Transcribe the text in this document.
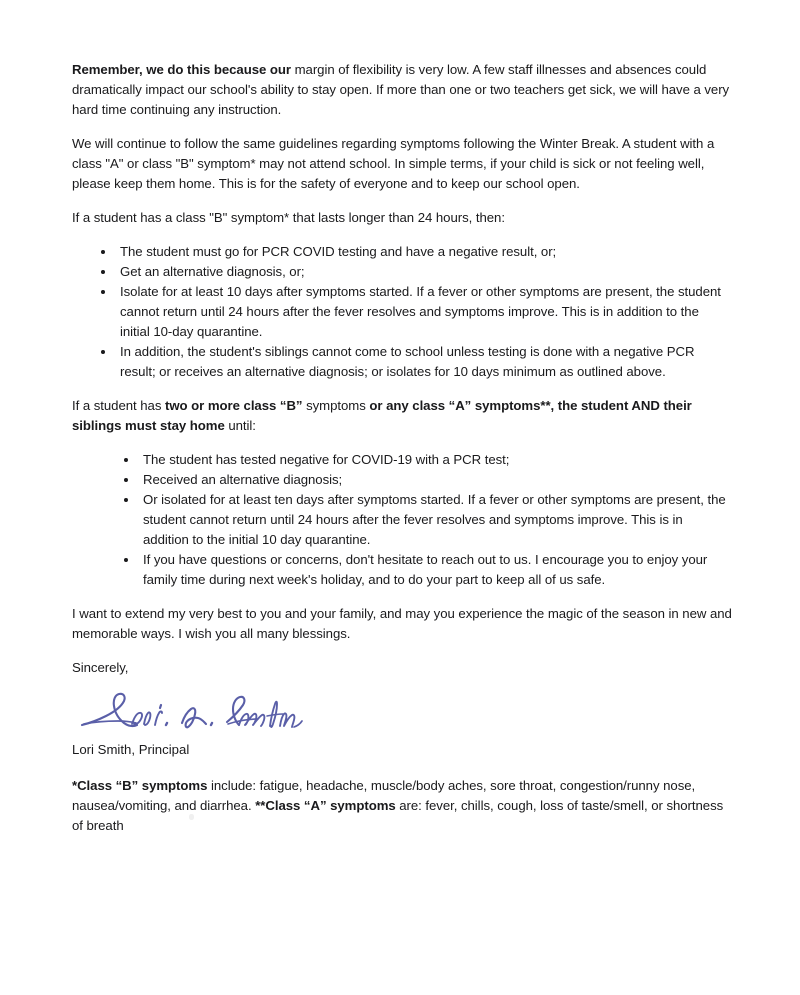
Remember, we do this because our margin of flexibility is very low. A few staff illnesses and absences could dramatically impact our school's ability to stay open. If more than one or two teachers get sick, we will have a very hard time continuing any instruction.

We will continue to follow the same guidelines regarding symptoms following the Winter Break. A student with a class "A" or class "B" symptom* may not attend school. In simple terms, if your child is sick or not feeling well, please keep them home. This is for the safety of everyone and to keep our school open.

If a student has a class "B" symptom* that lasts longer than 24 hours, then:

The student must go for PCR COVID testing and have a negative result, or;
Get an alternative diagnosis, or;
Isolate for at least 10 days after symptoms started. If a fever or other symptoms are present, the student cannot return until 24 hours after the fever resolves and symptoms improve. This is in addition to the initial 10-day quarantine.
In addition, the student's siblings cannot come to school unless testing is done with a negative PCR result; or receives an alternative diagnosis; or isolates for 10 days minimum as outlined above.

If a student has two or more class “B” symptoms or any class “A” symptoms**, the student AND their siblings must stay home until:

The student has tested negative for COVID-19 with a PCR test;
Received an alternative diagnosis;
Or isolated for at least ten days after symptoms started. If a fever or other symptoms are present, the student cannot return until 24 hours after the fever resolves and symptoms improve. This is in addition to the initial 10 day quarantine.
If you have questions or concerns, don't hesitate to reach out to us. I encourage you to enjoy your family time during next week's holiday, and to do your part to keep all of us safe.

I want to extend my very best to you and your family, and may you experience the magic of the season in new and memorable ways. I wish you all many blessings.

Sincerely,

Lori Smith, Principal

*Class “B” symptoms include: fatigue, headache, muscle/body aches, sore throat, congestion/runny nose, nausea/vomiting, and diarrhea. **Class “A” symptoms are: fever, chills, cough, loss of taste/smell, or shortness of breath
